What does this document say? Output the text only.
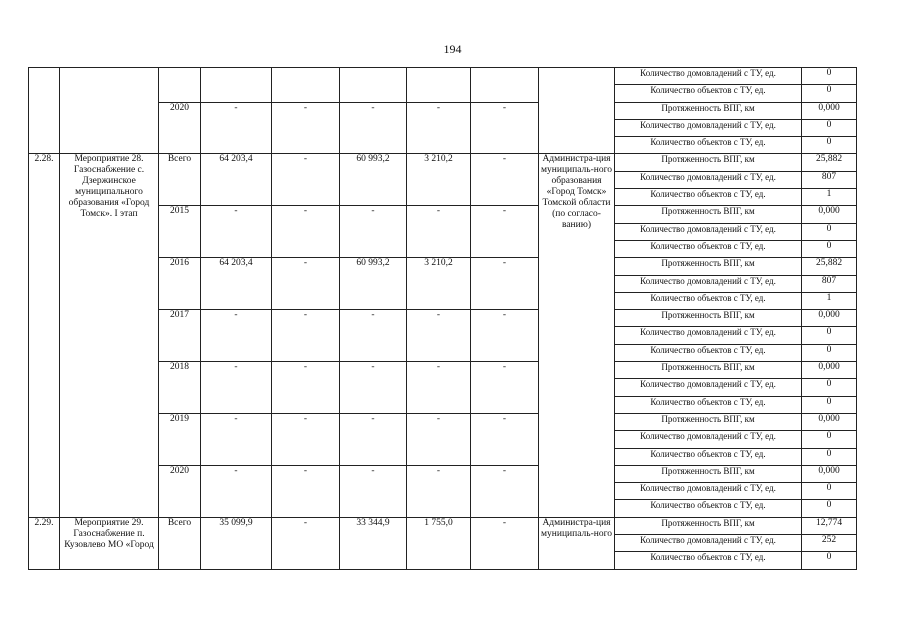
194
									Количество домовладений с ТУ, ед.	0
									Количество объектов с ТУ, ед.	0
		2020	-	-	-	-	-		Протяженность ВПГ, км	0,000
									Количество домовладений с ТУ, ед.	0
									Количество объектов с ТУ, ед.	0
2.28.	Мероприятие 28. Газоснабжение с. Дзержинское муниципального образования «Город Томск». I этап	Всего	64 203,4	-	60 993,2	3 210,2	-	Администра-ция муниципаль-ного образования «Город Томск» Томской области (по согласо-ванию)	Протяженность ВПГ, км	25,882
									Количество домовладений с ТУ, ед.	807
									Количество объектов с ТУ, ед.	1
		2015	-	-	-	-	-		Протяженность ВПГ, км	0,000
									Количество домовладений с ТУ, ед.	0
									Количество объектов с ТУ, ед.	0
		2016	64 203,4	-	60 993,2	3 210,2	-		Протяженность ВПГ, км	25,882
									Количество домовладений с ТУ, ед.	807
									Количество объектов с ТУ, ед.	1
		2017	-	-	-	-	-		Протяженность ВПГ, км	0,000
									Количество домовладений с ТУ, ед.	0
									Количество объектов с ТУ, ед.	0
		2018	-	-	-	-	-		Протяженность ВПГ, км	0,000
									Количество домовладений с ТУ, ед.	0
									Количество объектов с ТУ, ед.	0
		2019	-	-	-	-	-		Протяженность ВПГ, км	0,000
									Количество домовладений с ТУ, ед.	0
									Количество объектов с ТУ, ед.	0
		2020	-	-	-	-	-		Протяженность ВПГ, км	0,000
									Количество домовладений с ТУ, ед.	0
									Количество объектов с ТУ, ед.	0
2.29.	Мероприятие 29. Газоснабжение п. Кузовлево МО «Город	Всего	35 099,9	-	33 344,9	1 755,0	-	Администра-ция муниципаль-ного	Протяженность ВПГ, км	12,774
									Количество домовладений с ТУ, ед.	252
									Количество объектов с ТУ, ед.	0
